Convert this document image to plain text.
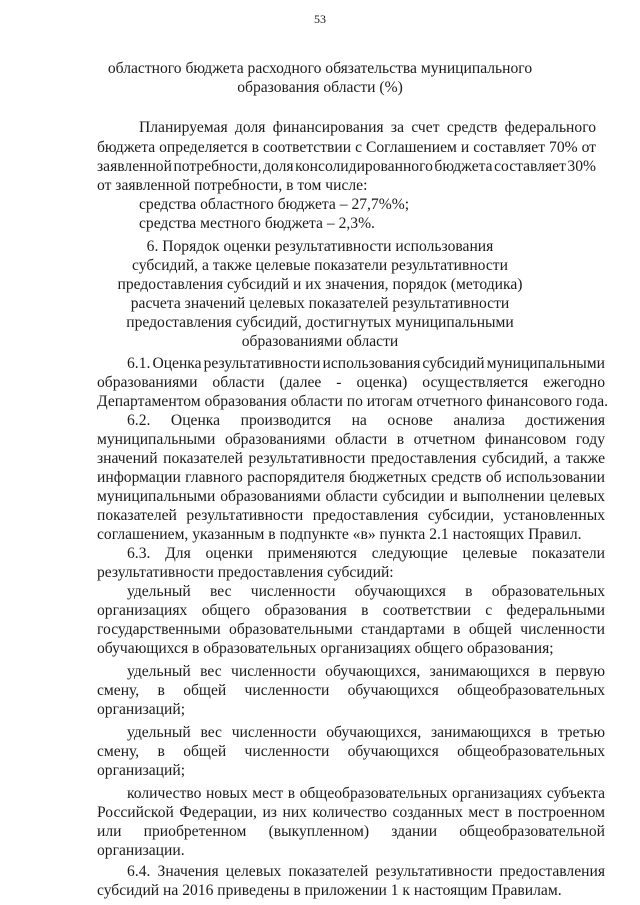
53
областного бюджета расходного обязательства муниципального
образования области (%)
Планируемая доля финансирования за счет средств федерального
бюджета определяется в соответствии с Соглашением и составляет 70% от
заявленной потребности, доля консолидированного бюджета составляет 30%
от заявленной потребности, в том числе:
средства областного бюджета – 27,7%%;
средства местного бюджета – 2,3%.
6. Порядок оценки результативности использования
субсидий, а также целевые показатели результативности
предоставления субсидий и их значения, порядок (методика)
расчета значений целевых показателей результативности
предоставления субсидий, достигнутых муниципальными
образованиями области
6.1. Оценка результативности использования субсидий муниципальными
образованиями области (далее - оценка) осуществляется ежегодно
Департаментом образования области по итогам отчетного финансового года.
6.2. Оценка производится на основе анализа достижения
муниципальными образованиями области в отчетном финансовом году
значений показателей результативности предоставления субсидий, а также
информации главного распорядителя бюджетных средств об использовании
муниципальными образованиями области субсидии и выполнении целевых
показателей результативности предоставления субсидии, установленных
соглашением, указанным в подпункте «в» пункта 2.1 настоящих Правил.
6.3. Для оценки применяются следующие целевые показатели
результативности предоставления субсидий:
удельный вес численности обучающихся в образовательных
организациях общего образования в соответствии с федеральными
государственными образовательными стандартами в общей численности
обучающихся в образовательных организациях общего образования;
удельный вес численности обучающихся, занимающихся в первую
смену, в общей численности обучающихся общеобразовательных
организаций;
удельный вес численности обучающихся, занимающихся в третью
смену, в общей численности обучающихся общеобразовательных
организаций;
количество новых мест в общеобразовательных организациях субъекта
Российской Федерации, из них количество созданных мест в построенном
или приобретенном (выкупленном) здании общеобразовательной
организации.
6.4. Значения целевых показателей результативности предоставления
субсидий на 2016 приведены в приложении 1 к настоящим Правилам.
